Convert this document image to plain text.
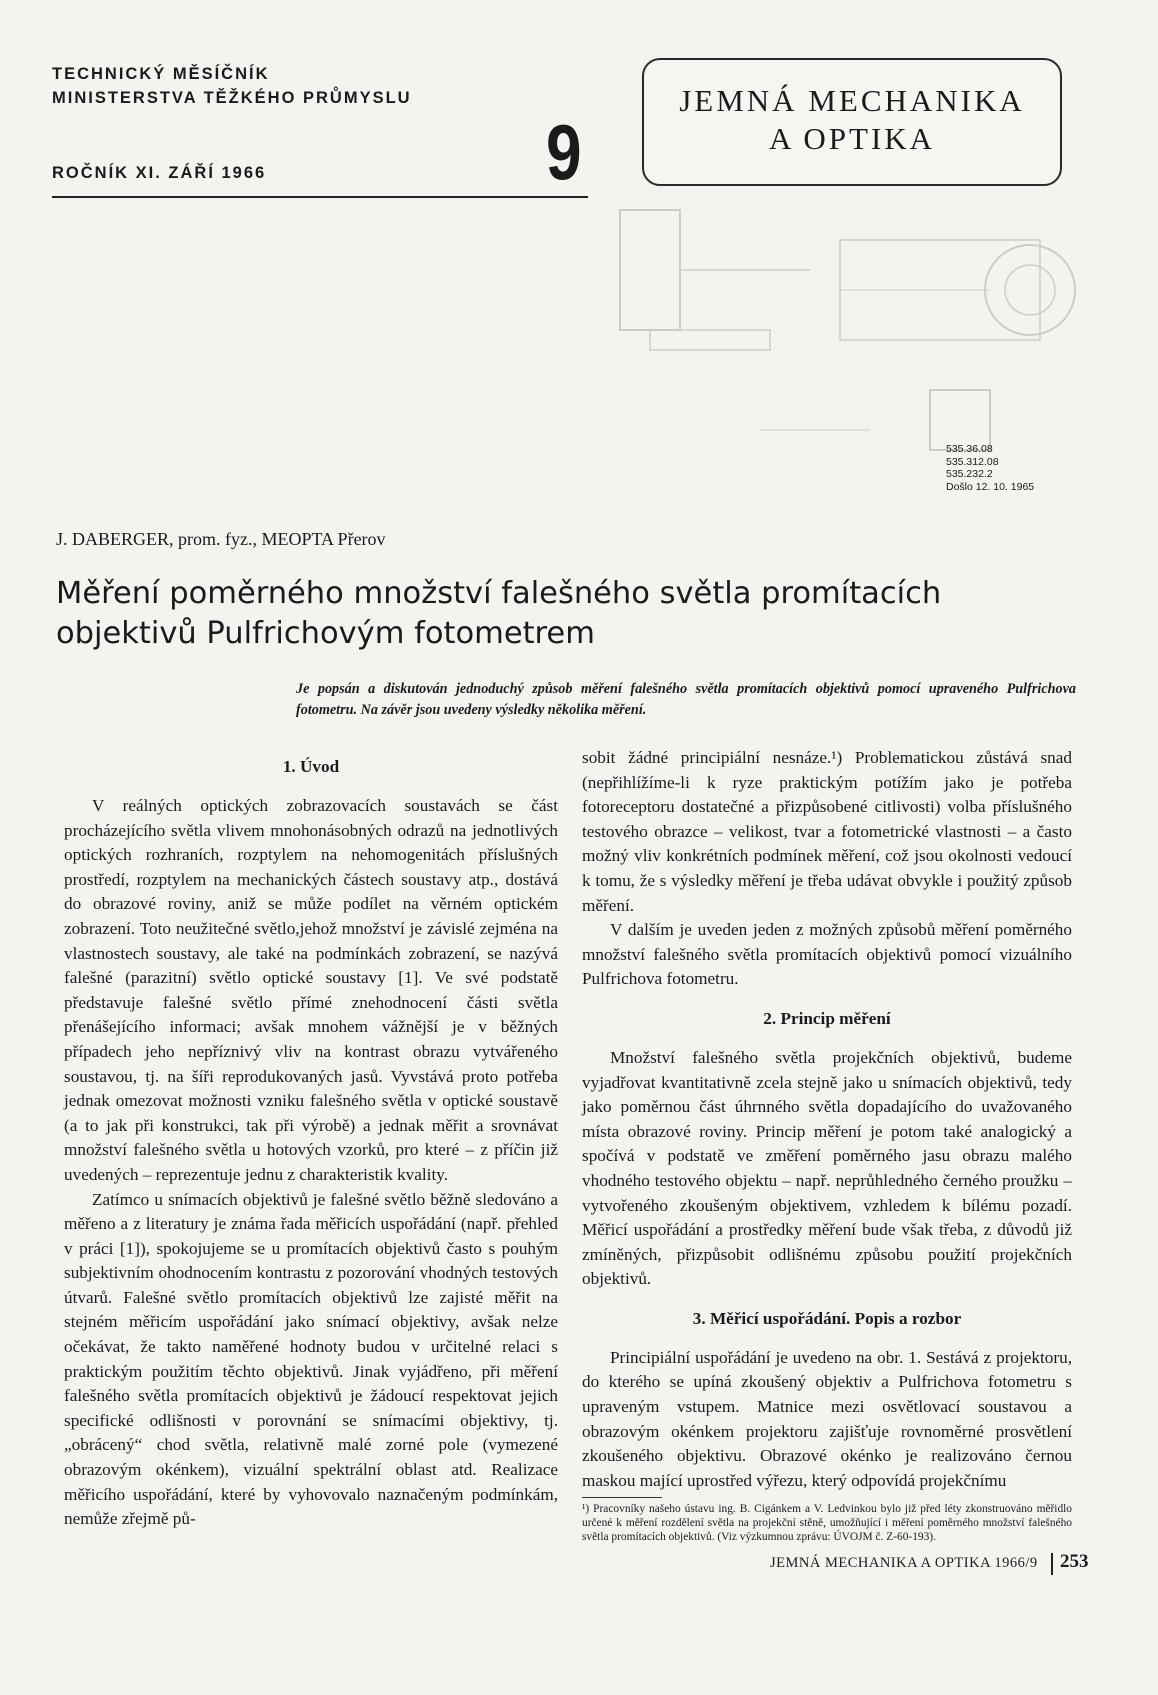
TECHNICKÝ MĚSÍČNÍK
MINISTERSTVA TĚŽKÉHO PRŮMYSLU
ROČNÍK XI. ZÁŘÍ 1966	9
JEMNÁ MECHANIKA
A OPTIKA
535.36.08
535.312.08
535.232.2
Došlo 12. 10. 1965
J. DABERGER, prom. fyz., MEOPTA Přerov
Měření poměrného množství falešného světla promítacích objektivů Pulfrichovým fotometrem
Je popsán a diskutován jednoduchý způsob měření falešného světla promítacích objektivů pomocí upraveného Pulfrichova fotometru. Na závěr jsou uvedeny výsledky několika měření.
1. Úvod

V reálných optických zobrazovacích soustavách se část procházejícího světla vlivem mnohonásobných odrazů na jednotlivých optických rozhraních, rozptylem na nehomogenitách příslušných prostředí, rozptylem na mechanických částech soustavy atp., dostává do obrazové roviny, aniž se může podílet na věrném optickém zobrazení. Toto neužitečné světlo,jehož množství je závislé zejména na vlastnostech soustavy, ale také na podmínkách zobrazení, se nazývá falešné (parazitní) světlo optické soustavy [1]. Ve své podstatě představuje falešné světlo přímé znehodnocení části světla přenášejícího informaci; avšak mnohem vážnější je v běžných případech jeho nepříznivý vliv na kontrast obrazu vytvářeného soustavou, tj. na šíři reprodukovaných jasů. Vyvstává proto potřeba jednak omezovat možnosti vzniku falešného světla v optické soustavě (a to jak při konstrukci, tak při výrobě) a jednak měřit a srovnávat množství falešného světla u hotových vzorků, pro které – z příčin již uvedených – reprezentuje jednu z charakteristik kvality.

Zatímco u snímacích objektivů je falešné světlo běžně sledováno a měřeno a z literatury je známa řada měřicích uspořádání (např. přehled v práci [1]), spokojujeme se u promítacích objektivů často s pouhým subjektivním ohodnocením kontrastu z pozorování vhodných testových útvarů. Falešné světlo promítacích objektivů lze zajisté měřit na stejném měřicím uspořádání jako snímací objektivy, avšak nelze očekávat, že takto naměřené hodnoty budou v určitelné relaci s praktickým použitím těchto objektivů. Jinak vyjádřeno, při měření falešného světla promítacích objektivů je žádoucí respektovat jejich specifické odlišnosti v porovnání se snímacími objektivy, tj. „obrácený“ chod světla, relativně malé zorné pole (vymezené obrazovým okénkem), vizuální spektrální oblast atd. Realizace měřicího uspořádání, které by vyhovovalo naznačeným podmínkám, nemůže zřejmě pů-

sobit žádné principiální nesnáze.¹) Problematickou zůstává snad (nepřihlížíme-li k ryze praktickým potížím jako je potřeba fotoreceptoru dostatečné a přizpůsobené citlivosti) volba příslušného testového obrazce – velikost, tvar a fotometrické vlastnosti – a často možný vliv konkrétních podmínek měření, což jsou okolnosti vedoucí k tomu, že s výsledky měření je třeba udávat obvykle i použitý způsob měření.

V dalším je uveden jeden z možných způsobů měření poměrného množství falešného světla promítacích objektivů pomocí vizuálního Pulfrichova fotometru.

2. Princip měření

Množství falešného světla projekčních objektivů, budeme vyjadřovat kvantitativně zcela stejně jako u snímacích objektivů, tedy jako poměrnou část úhrnného světla dopadajícího do uvažovaného místa obrazové roviny. Princip měření je potom také analogický a spočívá v podstatě ve změření poměrného jasu obrazu malého vhodného testového objektu – např. neprůhledného černého proužku – vytvořeného zkoušeným objektivem, vzhledem k bílému pozadí. Měřicí uspořádání a prostředky měření bude však třeba, z důvodů již zmíněných, přizpůsobit odlišnému způsobu použití projekčních objektivů.

3. Měřicí uspořádání. Popis a rozbor

Principiální uspořádání je uvedeno na obr. 1. Sestává z projektoru, do kterého se upíná zkoušený objektiv a Pulfrichova fotometru s upraveným vstupem. Matnice mezi osvětlovací soustavou a obrazovým okénkem projektoru zajišťuje rovnoměrné prosvětlení zkoušeného objektivu. Obrazové okénko je realizováno černou maskou mající uprostřed výřezu, který odpovídá projekčnímu

¹) Pracovníky našeho ústavu ing. B. Cigánkem a V. Ledvinkou bylo již před léty zkonstruováno měřidlo určené k měření rozdělení světla na projekční stěně, umožňující i měření poměrného množství falešného světla promítacích objektivů. (Viz výzkumnou zprávu: ÚVOJM č. Z-60-193).
JEMNÁ MECHANIKA A OPTIKA 1966/9 253
